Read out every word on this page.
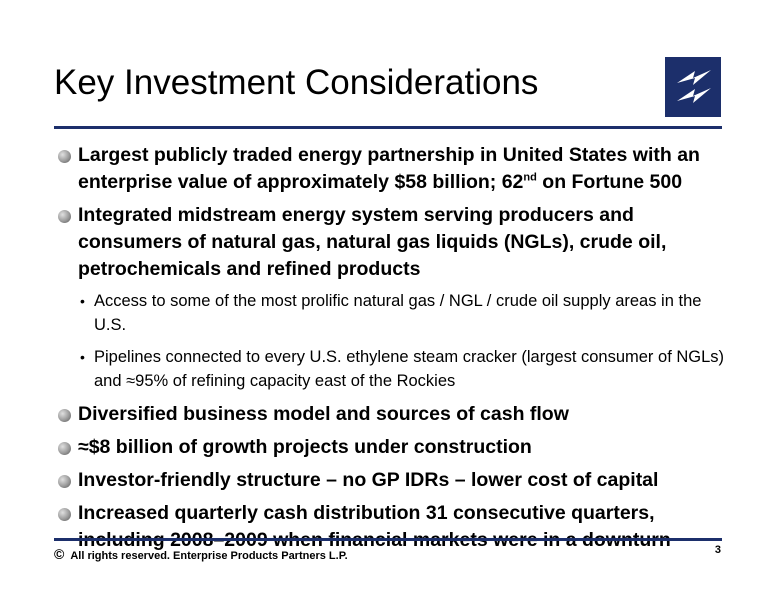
Key Investment Considerations
Largest publicly traded energy partnership in United States with an enterprise value of approximately $58 billion; 62nd on Fortune 500
Integrated midstream energy system serving producers and consumers of natural gas, natural gas liquids (NGLs), crude oil, petrochemicals and refined products
• Access to some of the most prolific natural gas / NGL / crude oil supply areas in the U.S.
• Pipelines connected to every U.S. ethylene steam cracker (largest consumer of NGLs) and ≈95% of refining capacity east of the Rockies
Diversified business model and sources of cash flow
≈$8 billion of growth projects under construction
Investor-friendly structure – no GP IDRs – lower cost of capital
Increased quarterly cash distribution 31 consecutive quarters,
© All rights reserved. Enterprise Products Partners L.P.	3
